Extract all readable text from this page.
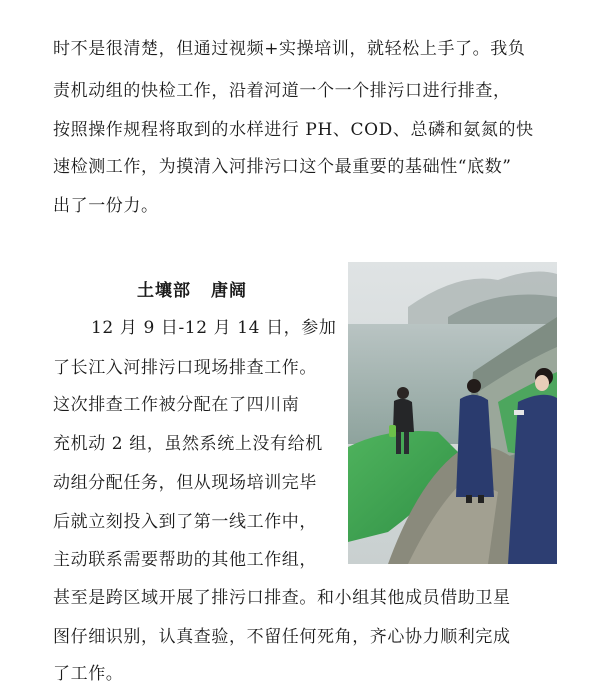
时不是很清楚，但通过视频+实操培训，就轻松上手了。我负
责机动组的快检工作，沿着河道一个一个排污口进行排查，
按照操作规程将取到的水样进行 PH、COD、总磷和氨氮的快
速检测工作，为摸清入河排污口这个最重要的基础性“底数”
出了一份力。
土壤部 唐阔
12 月 9 日-12 月 14 日，参加
了长江入河排污口现场排查工作。
这次排查工作被分配在了四川南
充机动 2 组，虽然系统上没有给机
动组分配任务，但从现场培训完毕
后就立刻投入到了第一线工作中，
主动联系需要帮助的其他工作组，
甚至是跨区域开展了排污口排查。和小组其他成员借助卫星
图仔细识别，认真查验，不留任何死角，齐心协力顺利完成
了工作。
